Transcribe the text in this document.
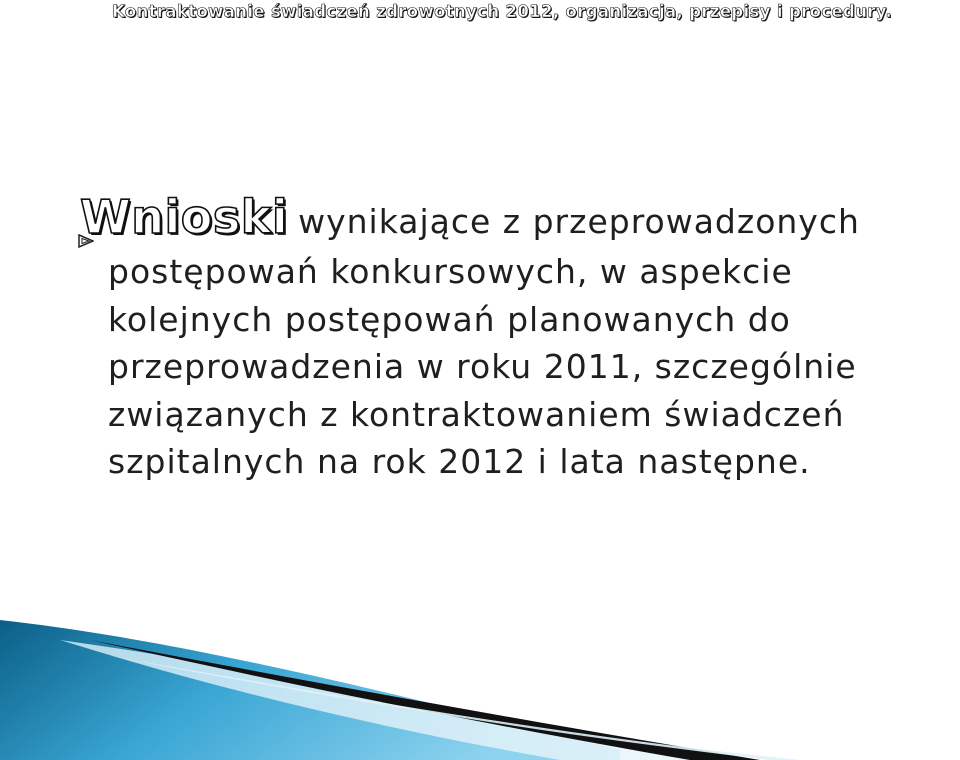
Kontraktowanie świadczeń zdrowotnych 2012, organizacja, przepisy i procedury.
Wnioski wynikające z przeprowadzonych
postępowań konkursowych, w aspekcie
kolejnych postępowań planowanych do
przeprowadzenia w roku 2011, szczególnie
związanych z kontraktowaniem świadczeń
szpitalnych na rok 2012 i lata następne.
